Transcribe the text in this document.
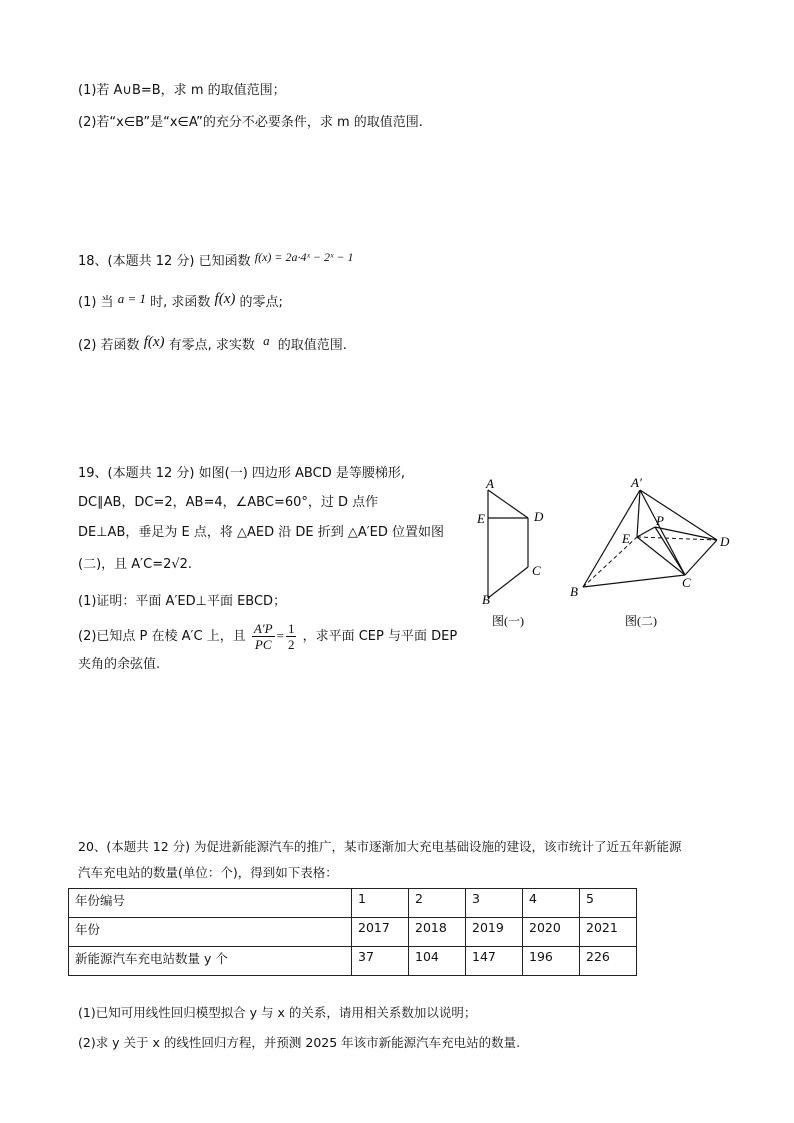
(1)若 A∪B=B，求 m 的取值范围；
(2)若“x∈B”是“x∈A”的充分不必要条件，求 m 的取值范围.
18、(本题共 12 分) 已知函数 f(x) = 2a·4ˣ − 2ˣ − 1
(1) 当 a = 1 时, 求函数 f(x) 的零点;
(2) 若函数 f(x) 有零点, 求实数 a 的取值范围.
19、(本题共 12 分) 如图(一) 四边形 ABCD 是等腰梯形,
DC∥AB，DC=2，AB=4，∠ABC=60°，过 D 点作
DE⊥AB，垂足为 E 点，将 △AED 沿 DE 折到 △A′ED 位置如图
(二)，且 A′C=2√2.
(1)证明：平面 A′ED⊥平面 EBCD；
(2)已知点 P 在棱 A′C 上，且 $\frac{A'P}{PC} = \frac{1}{2}$ ，求平面 CEP 与平面 DEP
夹角的余弦值.
A
E	D
C
B
图(一)
A′
P
E	D
C
B
图(二)
20、(本题共 12 分) 为促进新能源汽车的推广，某市逐渐加大充电基础设施的建设，该市统计了近五年新能源
汽车充电站的数量(单位：个)，得到如下表格：
年份编号	1	2	3	4	5
年份	2017	2018	2019	2020	2021
新能源汽车充电站数量 y 个	37	104	147	196	226
(1)已知可用线性回归模型拟合 y 与 x 的关系，请用相关系数加以说明；
(2)求 y 关于 x 的线性回归方程，并预测 2025 年该市新能源汽车充电站的数量.
